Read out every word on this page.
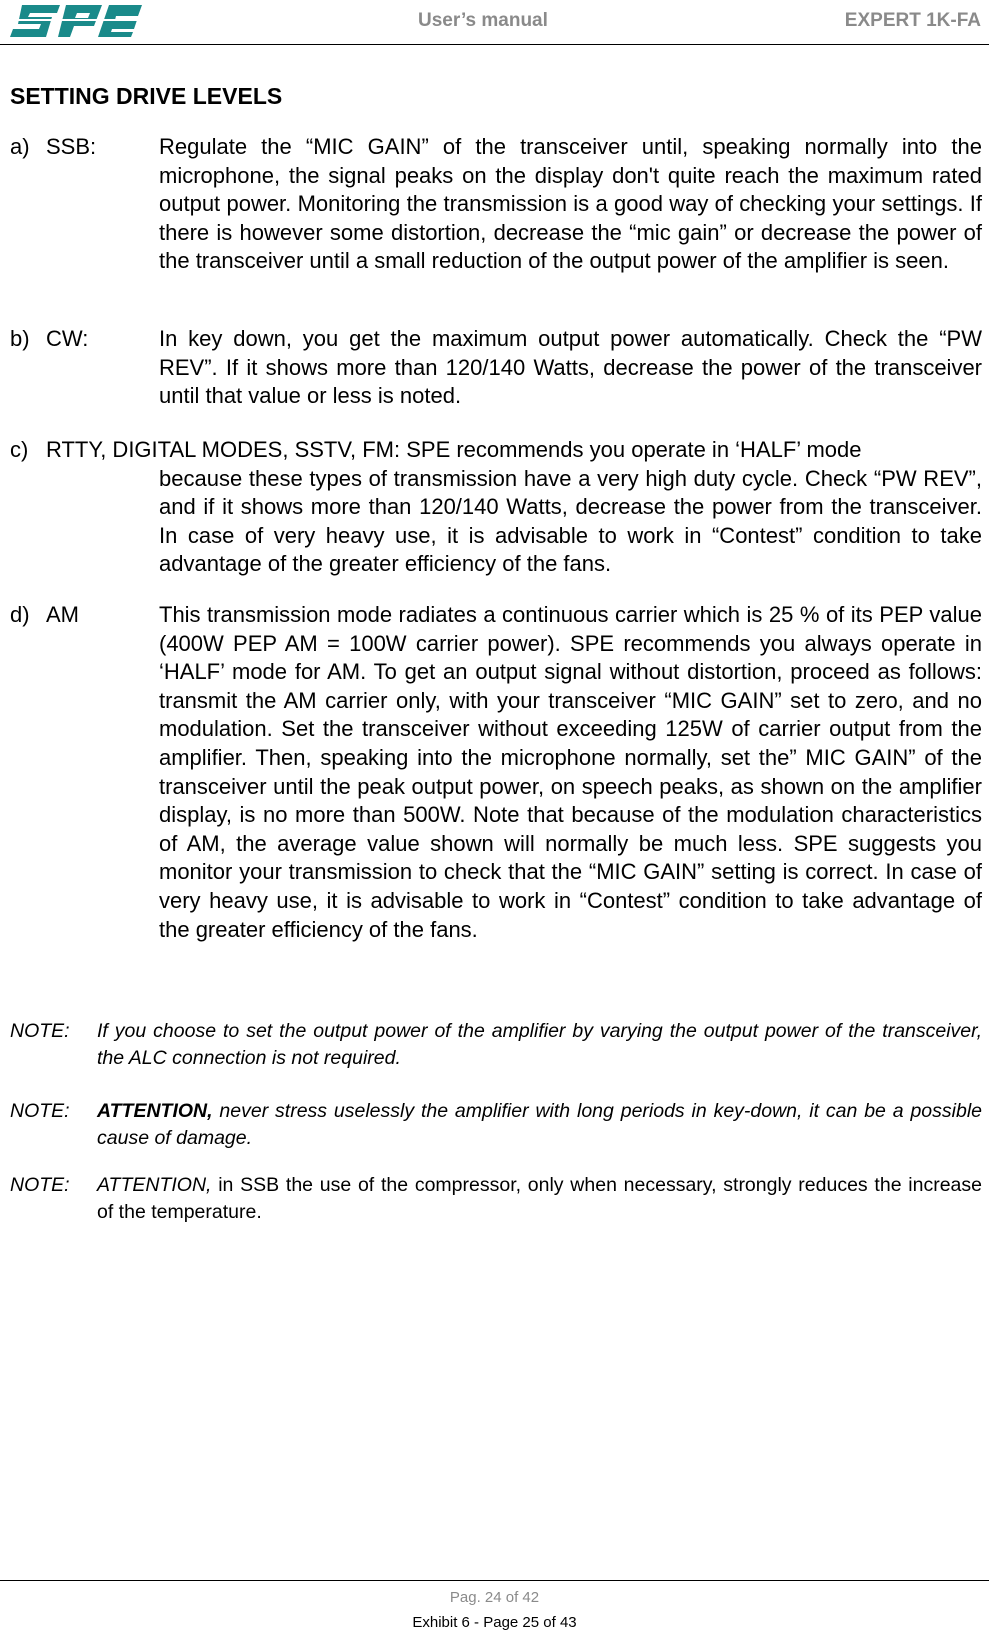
User’s manual	EXPERT 1K-FA
SETTING DRIVE LEVELS
a) SSB:	Regulate the “MIC GAIN” of the transceiver until, speaking normally into the microphone, the signal peaks on the display don't quite reach the maximum rated output power. Monitoring the transmission is a good way of checking your settings. If there is however some distortion, decrease the “mic gain” or decrease the power of the transceiver until a small reduction of the output power of the amplifier is seen.
b) CW:	In key down, you get the maximum output power automatically. Check the “PW REV”. If it shows more than 120/140 Watts, decrease the power of the transceiver until that value or less is noted.
c) RTTY, DIGITAL MODES, SSTV, FM: SPE recommends you operate in ‘HALF’ mode
because these types of transmission have a very high duty cycle. Check “PW REV”, and if it shows more than 120/140 Watts, decrease the power from the transceiver. In case of very heavy use, it is advisable to work in “Contest” condition to take advantage of the greater efficiency of the fans.
d) AM	This transmission mode radiates a continuous carrier which is 25 % of its PEP value (400W PEP AM = 100W carrier power). SPE recommends you always operate in ‘HALF’ mode for AM. To get an output signal without distortion, proceed as follows: transmit the AM carrier only, with your transceiver “MIC GAIN” set to zero, and no modulation. Set the transceiver without exceeding 125W of carrier output from the amplifier. Then, speaking into the microphone normally, set the” MIC GAIN” of the transceiver until the peak output power, on speech peaks, as shown on the amplifier display, is no more than 500W. Note that because of the modulation characteristics of AM, the average value shown will normally be much less. SPE suggests you monitor your transmission to check that the “MIC GAIN” setting is correct. In case of very heavy use, it is advisable to work in “Contest” condition to take advantage of the greater efficiency of the fans.
NOTE: If you choose to set the output power of the amplifier by varying the output power of the transceiver, the ALC connection is not required.
NOTE: ATTENTION, never stress uselessly the amplifier with long periods in key-down, it can be a possible cause of damage.
NOTE: ATTENTION, in SSB the use of the compressor, only when necessary, strongly reduces the increase of the temperature.
Pag. 24 of 42
Exhibit 6 - Page 25 of 43
